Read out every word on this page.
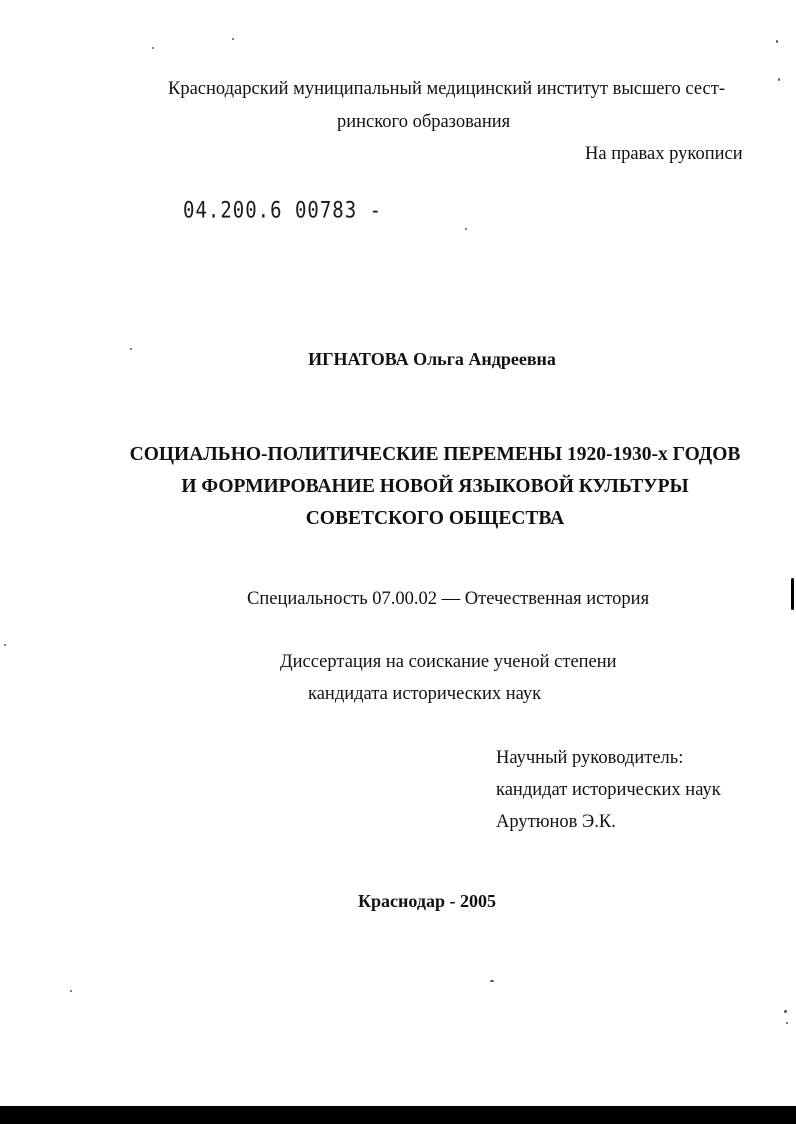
Краснодарский муниципальный медицинский институт высшего сест-
ринского образования
На правах рукописи
04.200.6 00783 -
ИГНАТОВА Ольга Андреевна
СОЦИАЛЬНО-ПОЛИТИЧЕСКИЕ ПЕРЕМЕНЫ 1920-1930-х ГОДОВ
И ФОРМИРОВАНИЕ НОВОЙ ЯЗЫКОВОЙ КУЛЬТУРЫ
СОВЕТСКОГО ОБЩЕСТВА
Специальность 07.00.02 — Отечественная история
Диссертация на соискание ученой степени
кандидата исторических наук
Научный руководитель:
кандидат исторических наук
Арутюнов Э.К.
Краснодар - 2005
